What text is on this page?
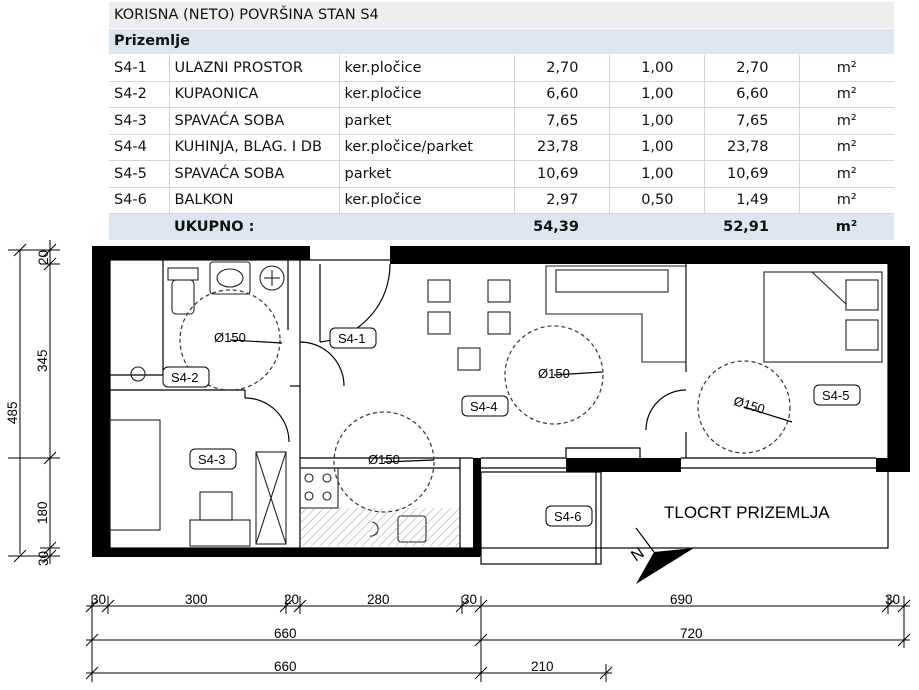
KORISNA (NETO) POVRŠINA STAN S4						
Prizemlje						
S4-1	ULAZNI PROSTOR	ker.pločice	2,70	1,00	2,70	m²
S4-2	KUPAONICA	ker.pločice	6,60	1,00	6,60	m²
S4-3	SPAVAĆA SOBA	parket	7,65	1,00	7,65	m²
S4-4	KUHINJA, BLAG. I DB	ker.pločice/parket	23,78	1,00	23,78	m²
S4-5	SPAVAĆA SOBA	parket	10,69	1,00	10,69	m²
S4-6	BALKON	ker.pločice	2,97	0,50	1,49	m²
	UKUPNO :		54,39		52,91	m²
Ø150
Ø150
Ø150
Ø150
S4-1
S4-2
S4-3
S4-4
S4-5
S4-6	TLOCRT PRIZEMLJA
N
20
345
180
30
485
30	300	20	280	30	690	30
660	720
660	210
